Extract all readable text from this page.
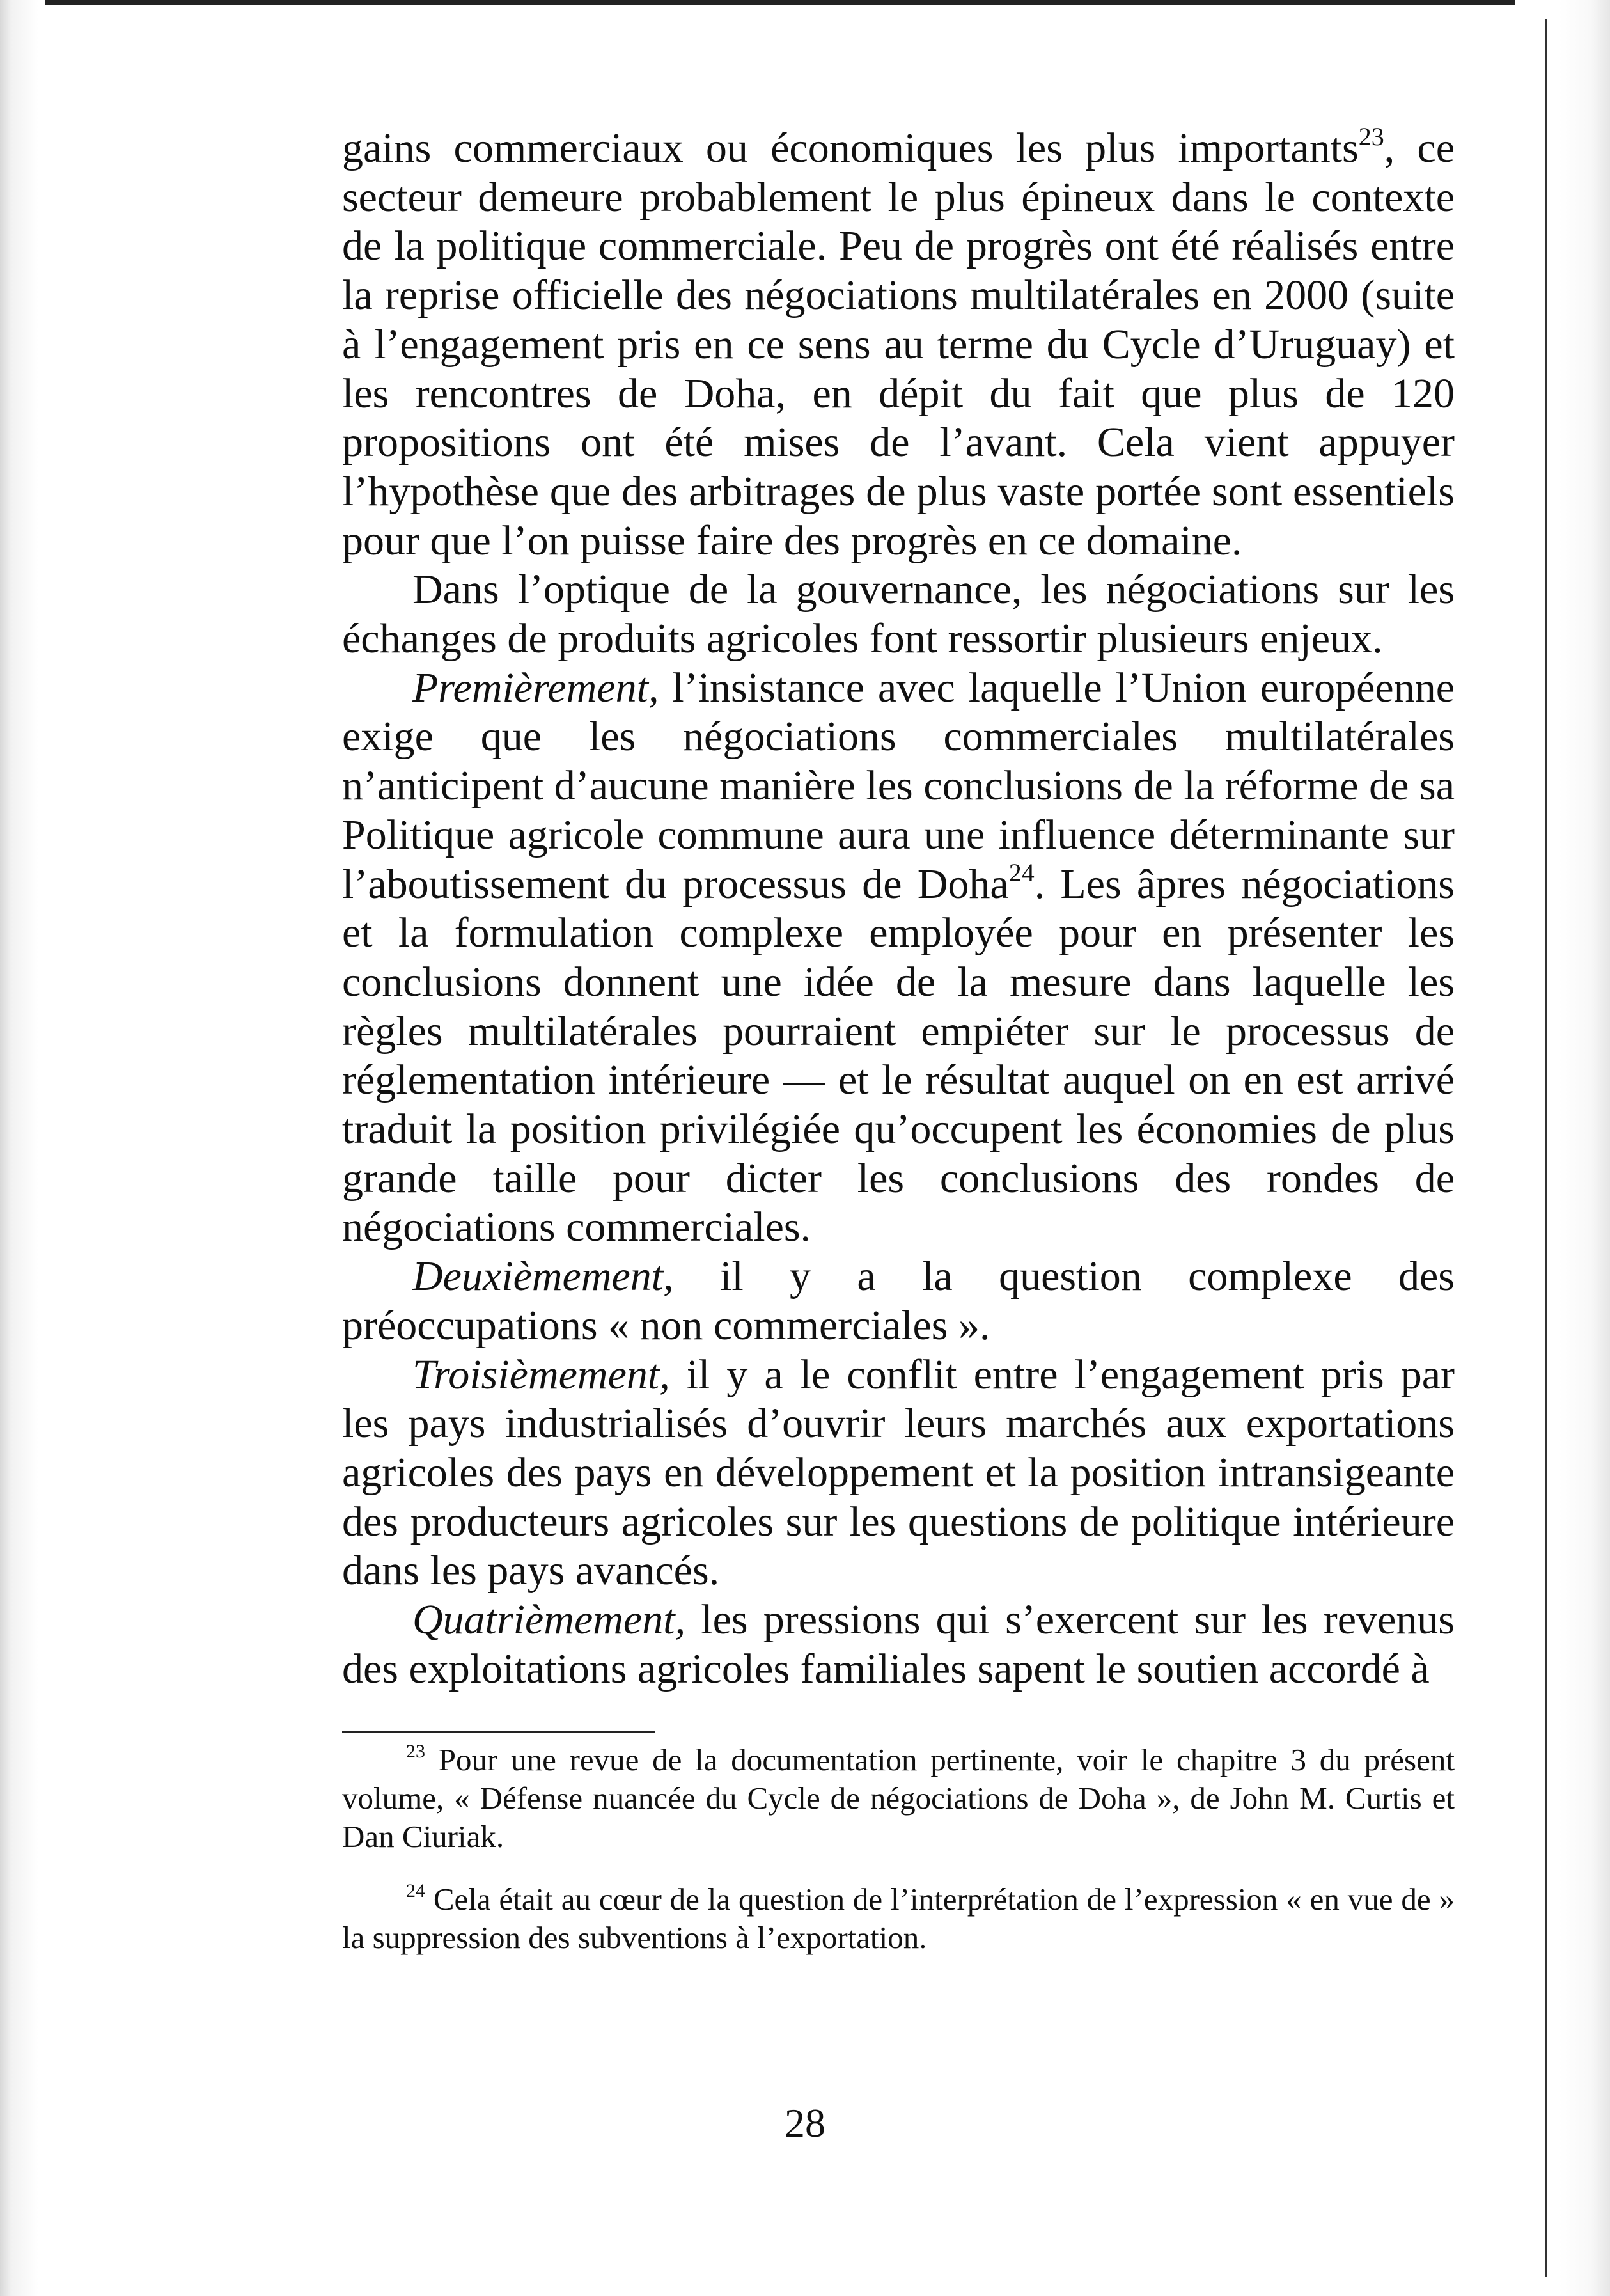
gains commerciaux ou économiques les plus importants$^{23}$, ce secteur demeure probablement le plus épineux dans le contexte de la politique commerciale. Peu de progrès ont été réalisés entre la reprise officielle des négociations multilatérales en 2000 (suite à l’engagement pris en ce sens au terme du Cycle d’Uruguay) et les rencontres de Doha, en dépit du fait que plus de 120 propositions ont été mises de l’avant. Cela vient appuyer l’hypothèse que des arbitrages de plus vaste portée sont essentiels pour que l’on puisse faire des progrès en ce domaine.

Dans l’optique de la gouvernance, les négociations sur les échanges de produits agricoles font ressortir plusieurs enjeux.

Premièrement, l’insistance avec laquelle l’Union européenne exige que les négociations commerciales multilatérales n’anticipent d’aucune manière les conclusions de la réforme de sa Politique agricole commune aura une influence déterminante sur l’aboutissement du processus de Doha$^{24}$. Les âpres négociations et la formulation complexe employée pour en présenter les conclusions donnent une idée de la mesure dans laquelle les règles multilatérales pourraient empiéter sur le processus de réglementation intérieure — et le résultat auquel on en est arrivé traduit la position privilégiée qu’occupent les économies de plus grande taille pour dicter les conclusions des rondes de négociations commerciales.

Deuxièmement, il y a la question complexe des préoccupations « non commerciales ».

Troisièmement, il y a le conflit entre l’engagement pris par les pays industrialisés d’ouvrir leurs marchés aux exportations agricoles des pays en développement et la position intransigeante des producteurs agricoles sur les questions de politique intérieure dans les pays avancés.

Quatrièmement, les pressions qui s’exercent sur les revenus des exploitations agricoles familiales sapent le soutien accordé à

$^{23}$ Pour une revue de la documentation pertinente, voir le chapitre 3 du présent volume, « Défense nuancée du Cycle de négociations de Doha », de John M. Curtis et Dan Ciuriak.

$^{24}$ Cela était au cœur de la question de l’interprétation de l’expression « en vue de » la suppression des subventions à l’exportation.

28
